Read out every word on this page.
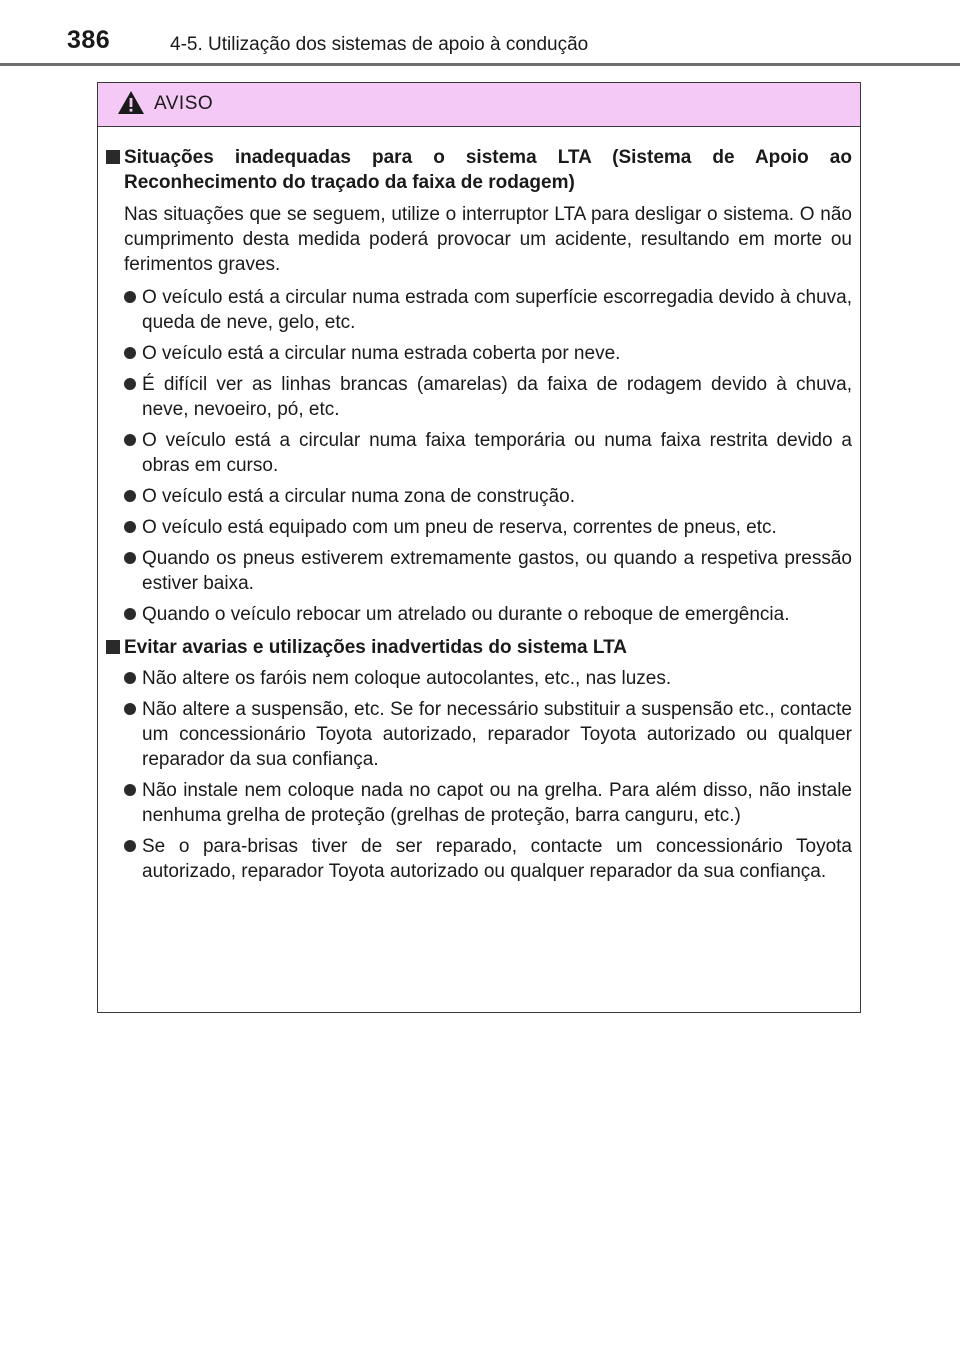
386	4-5. Utilização dos sistemas de apoio à condução
AVISO
Situações inadequadas para o sistema LTA (Sistema de Apoio ao Reconhecimento do traçado da faixa de rodagem)
Nas situações que se seguem, utilize o interruptor LTA para desligar o sistema. O não cumprimento desta medida poderá provocar um acidente, resultando em morte ou ferimentos graves.
O veículo está a circular numa estrada com superfície escorregadia devido à chuva, queda de neve, gelo, etc.
O veículo está a circular numa estrada coberta por neve.
É difícil ver as linhas brancas (amarelas) da faixa de rodagem devido à chuva, neve, nevoeiro, pó, etc.
O veículo está a circular numa faixa temporária ou numa faixa restrita devido a obras em curso.
O veículo está a circular numa zona de construção.
O veículo está equipado com um pneu de reserva, correntes de pneus, etc.
Quando os pneus estiverem extremamente gastos, ou quando a respetiva pressão estiver baixa.
Quando o veículo rebocar um atrelado ou durante o reboque de emergência.
Evitar avarias e utilizações inadvertidas do sistema LTA
Não altere os faróis nem coloque autocolantes, etc., nas luzes.
Não altere a suspensão, etc. Se for necessário substituir a suspensão etc., contacte um concessionário Toyota autorizado, reparador Toyota autorizado ou qualquer reparador da sua confiança.
Não instale nem coloque nada no capot ou na grelha. Para além disso, não instale nenhuma grelha de proteção (grelhas de proteção, barra canguru, etc.)
Se o para-brisas tiver de ser reparado, contacte um concessionário Toyota autorizado, reparador Toyota autorizado ou qualquer reparador da sua confiança.
